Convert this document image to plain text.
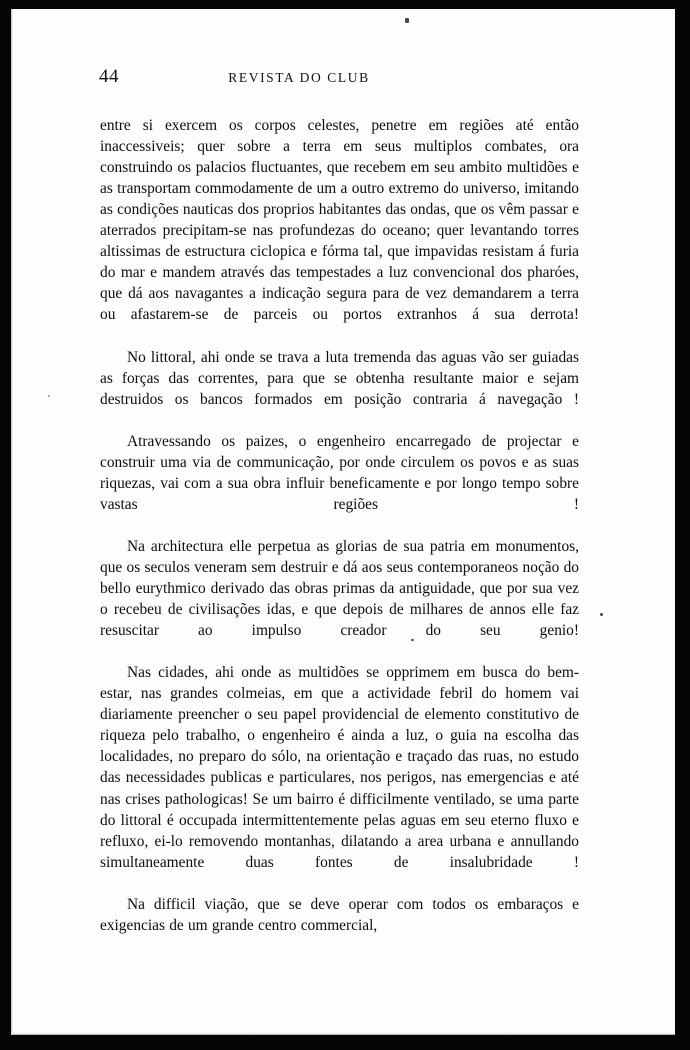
44	REVISTA DO CLUB

entre si exercem os corpos celestes, penetre em regiões até então inaccessiveis; quer sobre a terra em seus multiplos combates, ora construindo os palacios fluctuantes, que recebem em seu ambito multidões e as transportam commodamente de um a outro extremo do universo, imitando as condições nauticas dos proprios habitantes das ondas, que os vêm passar e aterrados precipitam-se nas profundezas do oceano; quer levantando torres altissimas de estructura ciclopica e fórma tal, que impavidas resistam á furia do mar e mandem através das tempestades a luz convencional dos pharóes, que dá aos navagantes a indicação segura para de vez demandarem a terra ou afastarem-se de parceis ou portos extranhos á sua derrota!

No littoral, ahi onde se trava a luta tremenda das aguas vão ser guiadas as forças das correntes, para que se obtenha resultante maior e sejam destruidos os bancos formados em posição contraria á navegação !

Atravessando os paizes, o engenheiro encarregado de projectar e construir uma via de communicação, por onde circulem os povos e as suas riquezas, vai com a sua obra influir beneficamente e por longo tempo sobre vastas regiões !

Na architectura elle perpetua as glorias de sua patria em monumentos, que os seculos veneram sem destruir e dá aos seus contemporaneos noção do bello eurythmico derivado das obras primas da antiguidade, que por sua vez o recebeu de civilisações idas, e que depois de milhares de annos elle faz resuscitar ao impulso creador do seu genio!

Nas cidades, ahi onde as multidões se opprimem em busca do bem-estar, nas grandes colmeias, em que a actividade febril do homem vai diariamente preencher o seu papel providencial de elemento constitutivo de riqueza pelo trabalho, o engenheiro é ainda a luz, o guia na escolha das localidades, no preparo do sólo, na orientação e traçado das ruas, no estudo das necessidades publicas e particulares, nos perigos, nas emergencias e até nas crises pathologicas! Se um bairro é difficilmente ventilado, se uma parte do littoral é occupada intermittentemente pelas aguas em seu eterno fluxo e refluxo, ei-lo removendo montanhas, dilatando a area urbana e annullando simultaneamente duas fontes de insalubridade !

Na difficil viação, que se deve operar com todos os embaraços e exigencias de um grande centro commercial,
